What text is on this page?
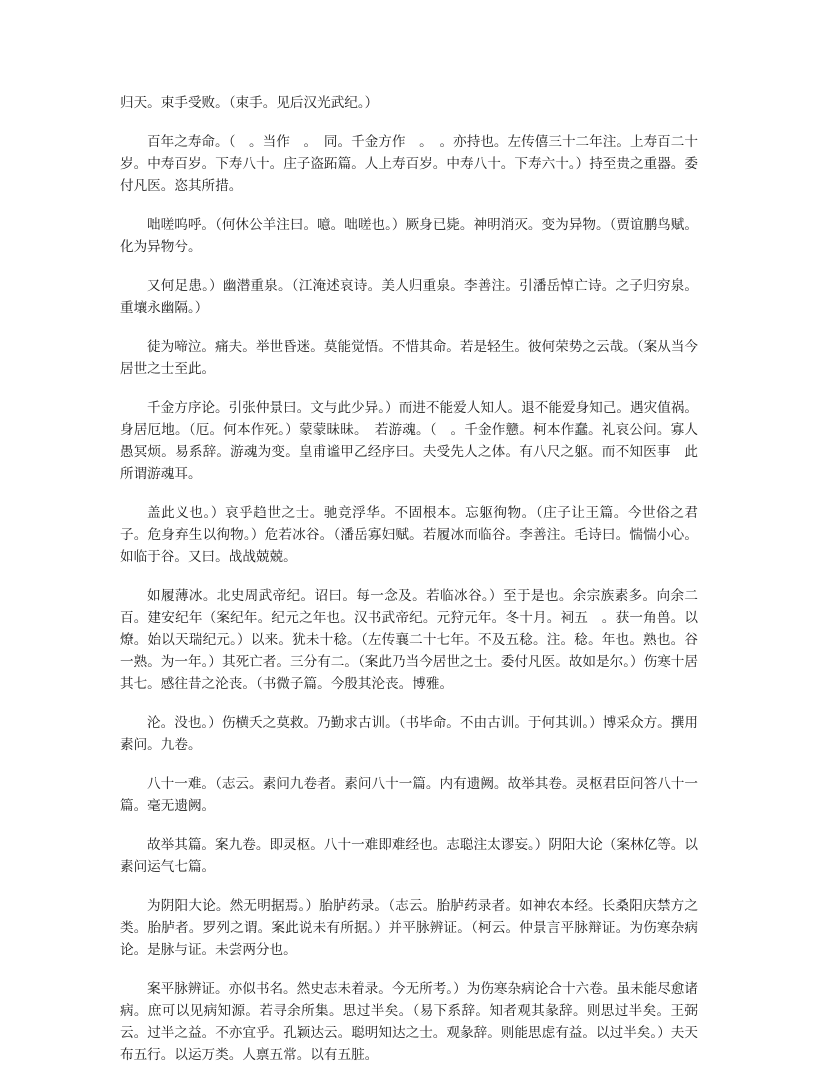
归天。束手受败。（束手。见后汉光武纪。）

百年之寿命。（　。当作　。　同。千金方作　。　。亦持也。左传僖三十二年注。上寿百二十岁。中寿百岁。下寿八十。庄子盗跖篇。人上寿百岁。中寿八十。下寿六十。）持至贵之重器。委付凡医。恣其所措。

咄嗟呜呼。（何休公羊注曰。噫。咄嗟也。）厥身已毙。神明消灭。变为异物。（贾谊鹏鸟赋。化为异物兮。

又何足患。）幽潜重泉。（江淹述哀诗。美人归重泉。李善注。引潘岳悼亡诗。之子归穷泉。重壤永幽隔。）

徒为啼泣。痛夫。举世昏迷。莫能觉悟。不惜其命。若是轻生。彼何荣势之云哉。（案从当今居世之士至此。

千金方序论。引张仲景曰。文与此少异。）而进不能爱人知人。退不能爱身知己。遇灾值祸。身居厄地。（厄。何本作死。）蒙蒙昧昧。　若游魂。（　。千金作戆。柯本作蠢。礼哀公问。寡人愚冥烦。易系辞。游魂为变。皇甫谧甲乙经序曰。夫受先人之体。有八尺之躯。而不知医事　此所谓游魂耳。

盖此义也。）哀乎趋世之士。驰竞浮华。不固根本。忘躯徇物。（庄子让王篇。今世俗之君子。危身弃生以徇物。）危若冰谷。（潘岳寡妇赋。若履冰而临谷。李善注。毛诗曰。惴惴小心。如临于谷。又曰。战战兢兢。

如履薄冰。北史周武帝纪。诏曰。每一念及。若临冰谷。）至于是也。余宗族素多。向余二百。建安纪年（案纪年。纪元之年也。汉书武帝纪。元狩元年。冬十月。祠五　。获一角兽。以燎。始以天瑞纪元。）以来。犹未十稔。（左传襄二十七年。不及五稔。注。稔。年也。熟也。谷一熟。为一年。）其死亡者。三分有二。（案此乃当今居世之士。委付凡医。故如是尔。）伤寒十居其七。感往昔之沦丧。（书微子篇。今殷其沦丧。博雅。

沦。没也。）伤横夭之莫救。乃勤求古训。（书毕命。不由古训。于何其训。）博采众方。撰用素问。九卷。

八十一难。（志云。素问九卷者。素问八十一篇。内有遗阙。故举其卷。灵枢君臣问答八十一篇。毫无遗阙。

故举其篇。案九卷。即灵枢。八十一难即难经也。志聪注太谬妄。）阴阳大论（案林亿等。以素问运气七篇。

为阴阳大论。然无明据焉。）胎胪药录。（志云。胎胪药录者。如神农本经。长桑阳庆禁方之类。胎胪者。罗列之谓。案此说未有所据。）并平脉辨证。（柯云。仲景言平脉辩证。为伤寒杂病论。是脉与证。未尝两分也。

案平脉辨证。亦似书名。然史志未着录。今无所考。）为伤寒杂病论合十六卷。虽未能尽愈诸病。庶可以见病知源。若寻余所集。思过半矣。（易下系辞。知者观其彖辞。则思过半矣。王弼云。过半之益。不亦宜乎。孔颖达云。聪明知达之士。观彖辞。则能思虑有益。以过半矣。）夫天布五行。以运万类。人禀五常。以有五脏。
